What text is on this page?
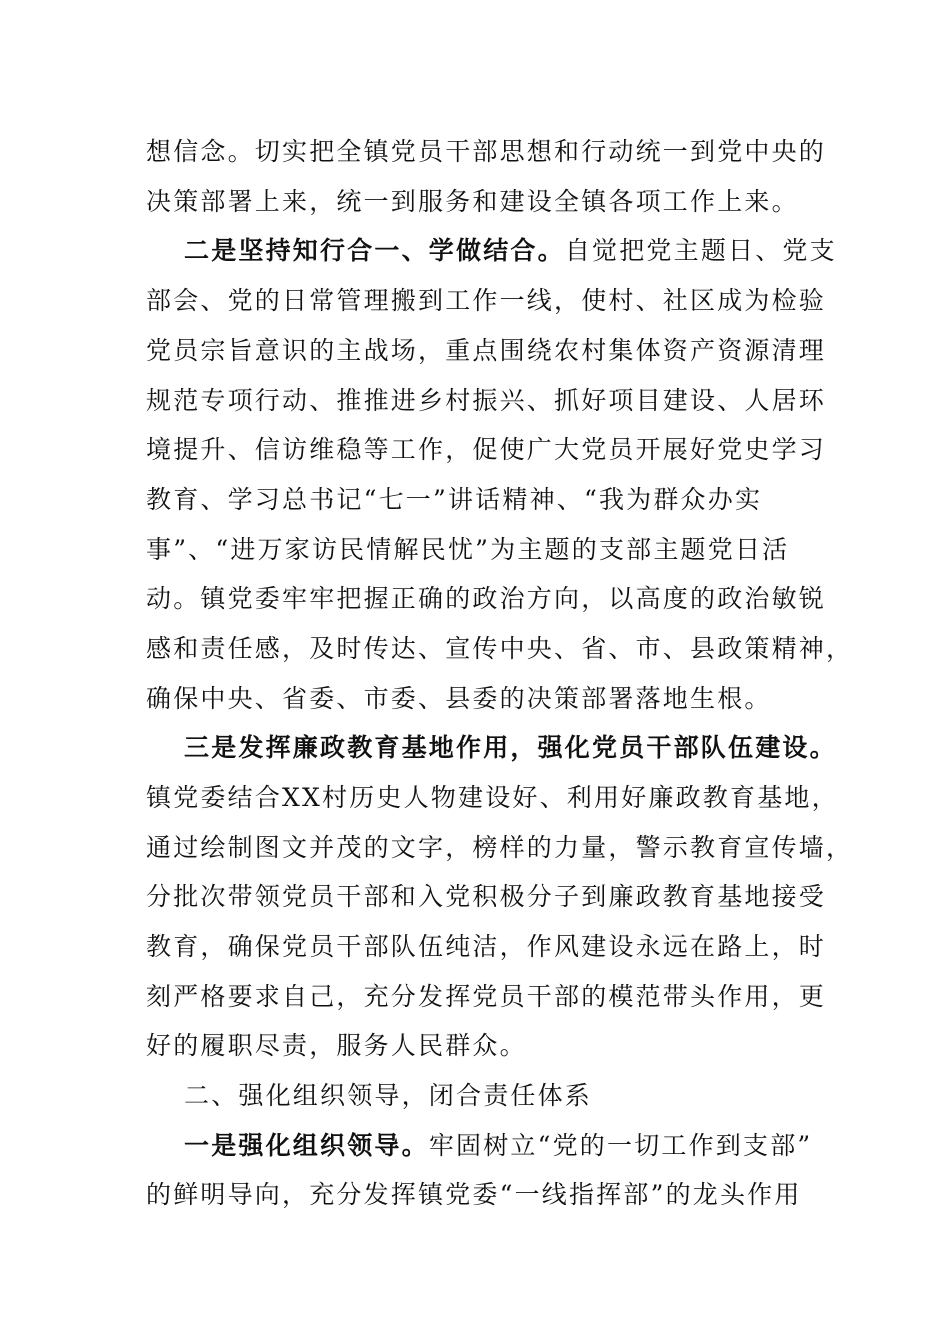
想信念。切实把全镇党员干部思想和行动统一到党中央的
决策部署上来，统一到服务和建设全镇各项工作上来。
二是坚持知行合一、学做结合。自觉把党主题日、党支
部会、党的日常管理搬到工作一线，使村、社区成为检验
党员宗旨意识的主战场，重点围绕农村集体资产资源清理
规范专项行动、推推进乡村振兴、抓好项目建设、人居环
境提升、信访维稳等工作，促使广大党员开展好党史学习
教育、学习总书记“七一”讲话精神、“我为群众办实
事”、“进万家访民情解民忧”为主题的支部主题党日活
动。镇党委牢牢把握正确的政治方向，以高度的政治敏锐
感和责任感，及时传达、宣传中央、省、市、县政策精神，
确保中央、省委、市委、县委的决策部署落地生根。
三是发挥廉政教育基地作用，强化党员干部队伍建设。
镇党委结合XX村历史人物建设好、利用好廉政教育基地，
通过绘制图文并茂的文字，榜样的力量，警示教育宣传墙，
分批次带领党员干部和入党积极分子到廉政教育基地接受
教育，确保党员干部队伍纯洁，作风建设永远在路上，时
刻严格要求自己，充分发挥党员干部的模范带头作用，更
好的履职尽责，服务人民群众。
二、强化组织领导，闭合责任体系
一是强化组织领导。牢固树立“党的一切工作到支部”
的鲜明导向，充分发挥镇党委“一线指挥部”的龙头作用
